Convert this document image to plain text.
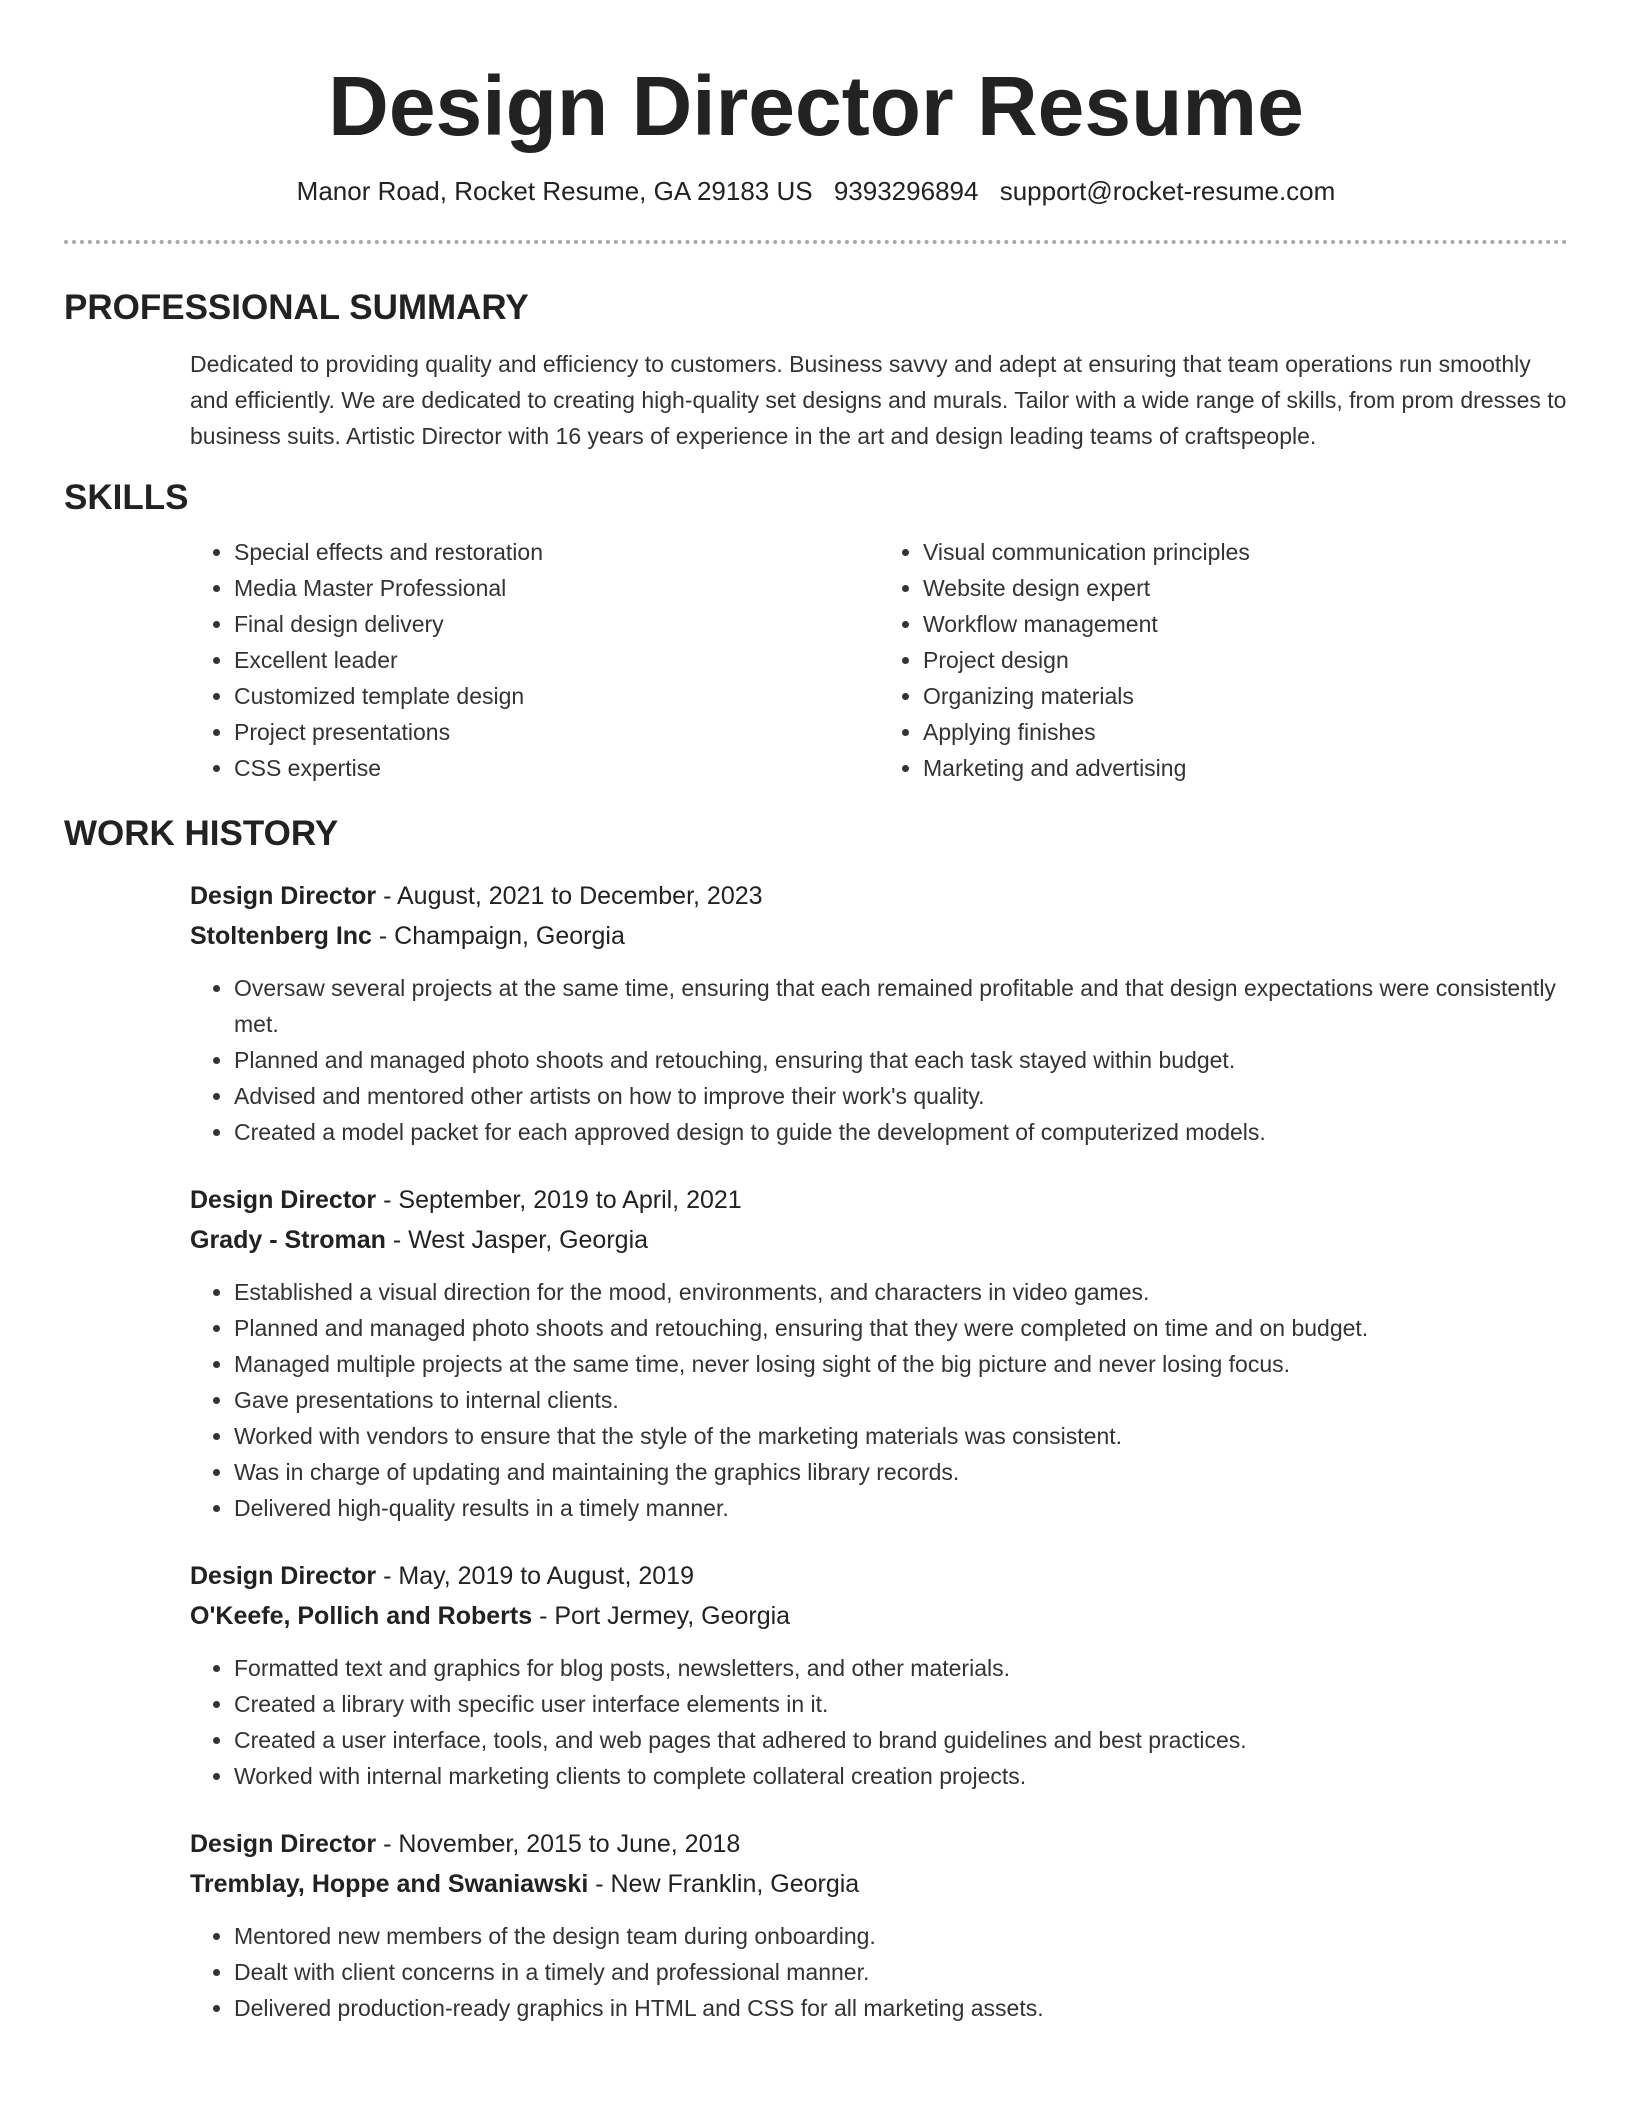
Design Director Resume
Manor Road, Rocket Resume, GA 29183 US 9393296894 support@rocket-resume.com
PROFESSIONAL SUMMARY

Dedicated to providing quality and efficiency to customers. Business savvy and adept at ensuring that team operations run smoothly and efficiently. We are dedicated to creating high-quality set designs and murals. Tailor with a wide range of skills, from prom dresses to business suits. Artistic Director with 16 years of experience in the art and design leading teams of craftspeople.

SKILLS
• Special effects and restoration
• Media Master Professional
• Final design delivery
• Excellent leader
• Customized template design
• Project presentations
• CSS expertise
• Visual communication principles
• Website design expert
• Workflow management
• Project design
• Organizing materials
• Applying finishes
• Marketing and advertising
WORK HISTORY
Design Director - August, 2021 to December, 2023
Stoltenberg Inc - Champaign, Georgia
• Oversaw several projects at the same time, ensuring that each remained profitable and that design expectations were consistently met.
• Planned and managed photo shoots and retouching, ensuring that each task stayed within budget.
• Advised and mentored other artists on how to improve their work's quality.
• Created a model packet for each approved design to guide the development of computerized models.
Design Director - September, 2019 to April, 2021
Grady - Stroman - West Jasper, Georgia
• Established a visual direction for the mood, environments, and characters in video games.
• Planned and managed photo shoots and retouching, ensuring that they were completed on time and on budget.
• Managed multiple projects at the same time, never losing sight of the big picture and never losing focus.
• Gave presentations to internal clients.
• Worked with vendors to ensure that the style of the marketing materials was consistent.
• Was in charge of updating and maintaining the graphics library records.
• Delivered high-quality results in a timely manner.
Design Director - May, 2019 to August, 2019
O'Keefe, Pollich and Roberts - Port Jermey, Georgia
• Formatted text and graphics for blog posts, newsletters, and other materials.
• Created a library with specific user interface elements in it.
• Created a user interface, tools, and web pages that adhered to brand guidelines and best practices.
• Worked with internal marketing clients to complete collateral creation projects.
Design Director - November, 2015 to June, 2018
Tremblay, Hoppe and Swaniawski - New Franklin, Georgia
• Mentored new members of the design team during onboarding.
• Dealt with client concerns in a timely and professional manner.
• Delivered production-ready graphics in HTML and CSS for all marketing assets.
